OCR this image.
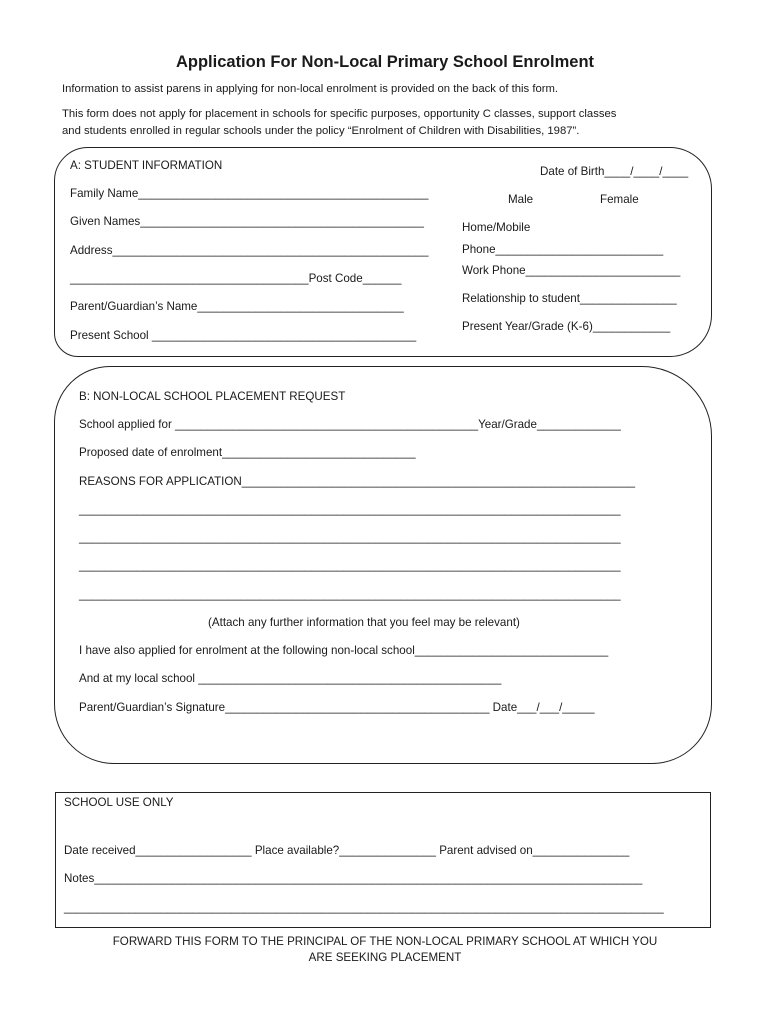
Application For Non-Local Primary School Enrolment
Information to assist parens in applying for non-local enrolment is provided on the back of this form.
This form does not apply for placement in schools for specific purposes, opportunity C classes, support classes
and students enrolled in regular schools under the policy “Enrolment of Children with Disabilities, 1987”.
A: STUDENT INFORMATION
Family Name_____________________________________________
Given Names____________________________________________
Address_________________________________________________
_____________________________________Post Code______
Parent/Guardian’s Name________________________________
Present School _________________________________________
Date of Birth____/____/____
Male	Female
Home/Mobile
Phone__________________________
Work Phone________________________
Relationship to student_______________
Present Year/Grade (K-6)____________
B: NON-LOCAL SCHOOL PLACEMENT REQUEST
School applied for _______________________________________________Year/Grade_____________
Proposed date of enrolment______________________________
REASONS FOR APPLICATION_____________________________________________________________
____________________________________________________________________________________
____________________________________________________________________________________
____________________________________________________________________________________
____________________________________________________________________________________
(Attach any further information that you feel may be relevant)
I have also applied for enrolment at the following non-local school______________________________
And at my local school _______________________________________________
Parent/Guardian’s Signature_________________________________________ Date___/___/_____
SCHOOL USE ONLY
Date received__________________ Place available?_______________ Parent advised on_______________
Notes_____________________________________________________________________________________
_____________________________________________________________________________________________
FORWARD THIS FORM TO THE PRINCIPAL OF THE NON-LOCAL PRIMARY SCHOOL AT WHICH YOU
ARE SEEKING PLACEMENT
